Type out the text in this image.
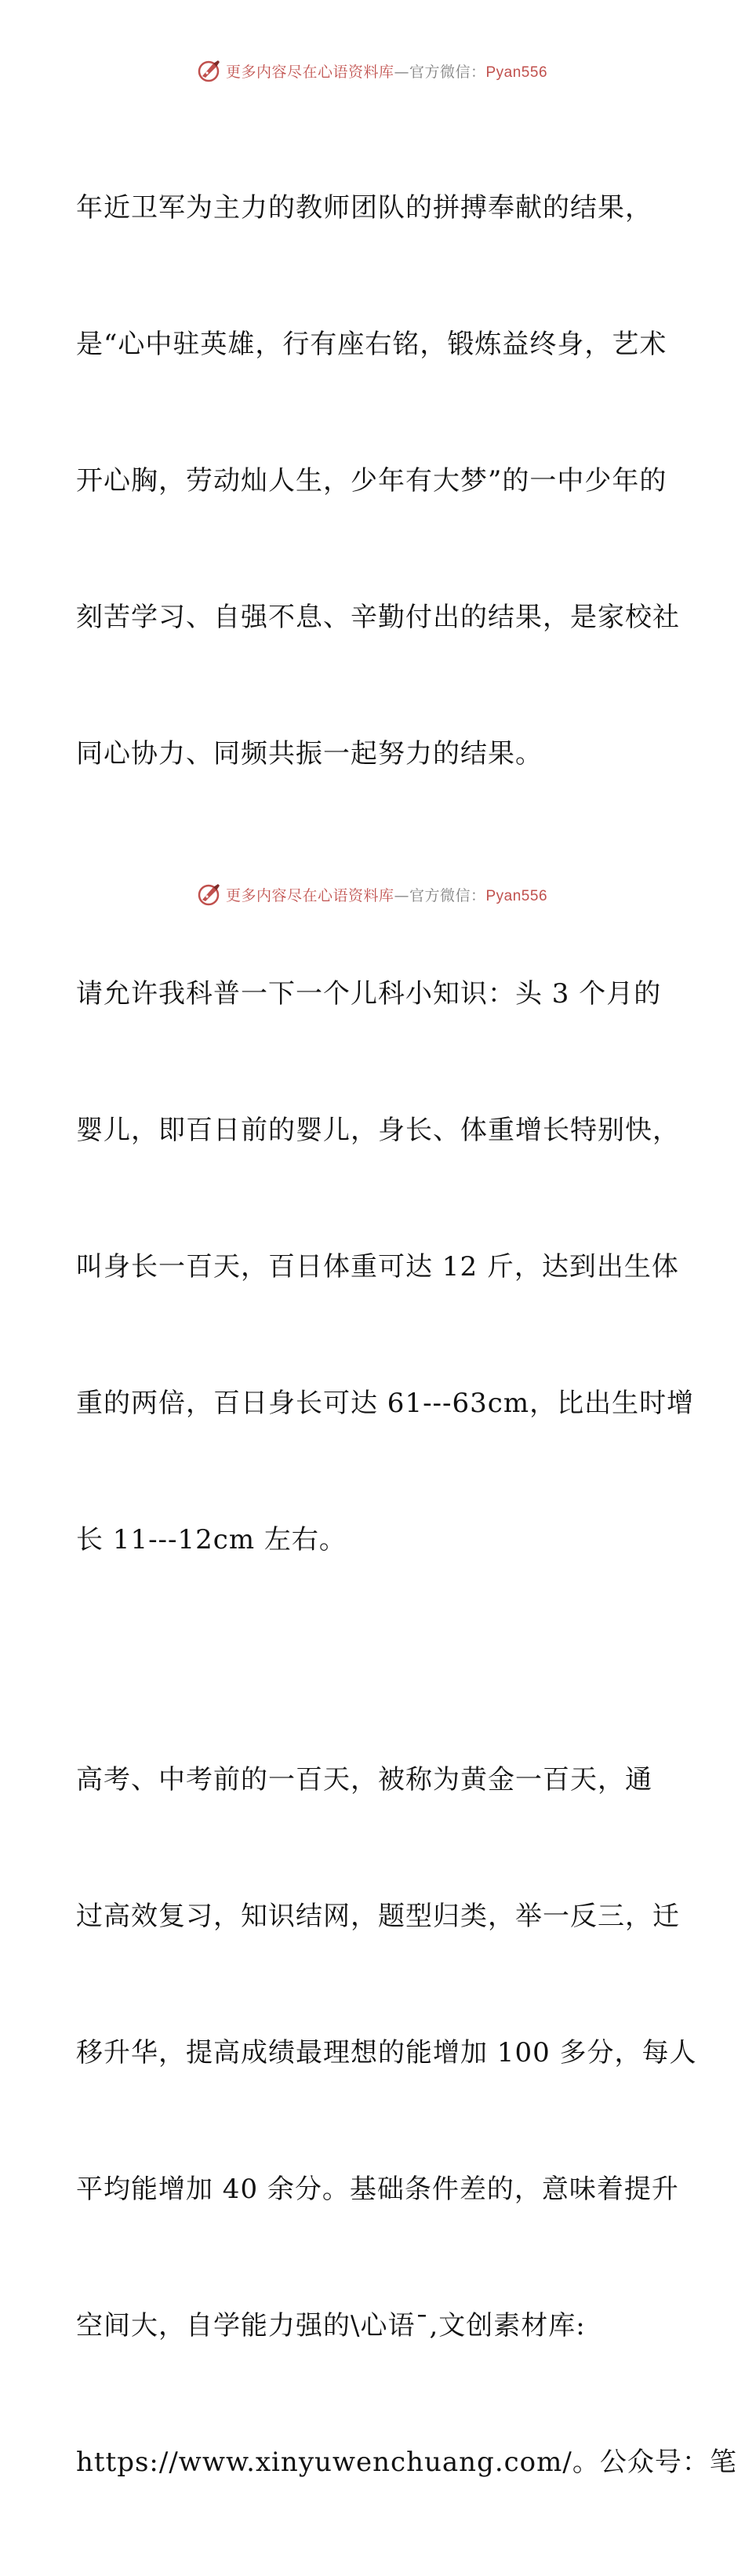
更多内容尽在心语资料库—官方微信：Pyan556

年近卫军为主力的教师团队的拼搏奉献的结果，

是“心中驻英雄，行有座右铭，锻炼益终身，艺术

开心胸，劳动灿人生，少年有大梦”的一中少年的

刻苦学习、自强不息、辛勤付出的结果，是家校社

同心协力、同频共振一起努力的结果。

请允许我科普一下一个儿科小知识：头 3 个月的

婴儿，即百日前的婴儿，身长、体重增长特别快，

叫身长一百天，百日体重可达 12 斤，达到出生体

重的两倍，百日身长可达 61---63cm，比出生时增

长 11---12cm 左右。

高考、中考前的一百天，被称为黄金一百天，通

过高效复习，知识结网，题型归类，举一反三，迁

移升华，提高成绩最理想的能增加 100 多分，每人

平均能增加 40 余分。基础条件差的，意味着提升

空间大，自学能力强的\心语¯,文创素材库:

https://www.xinyuwenchuang.com/。公众号：笔

更多内容尽在心语资料库—官方微信：Pyan556
